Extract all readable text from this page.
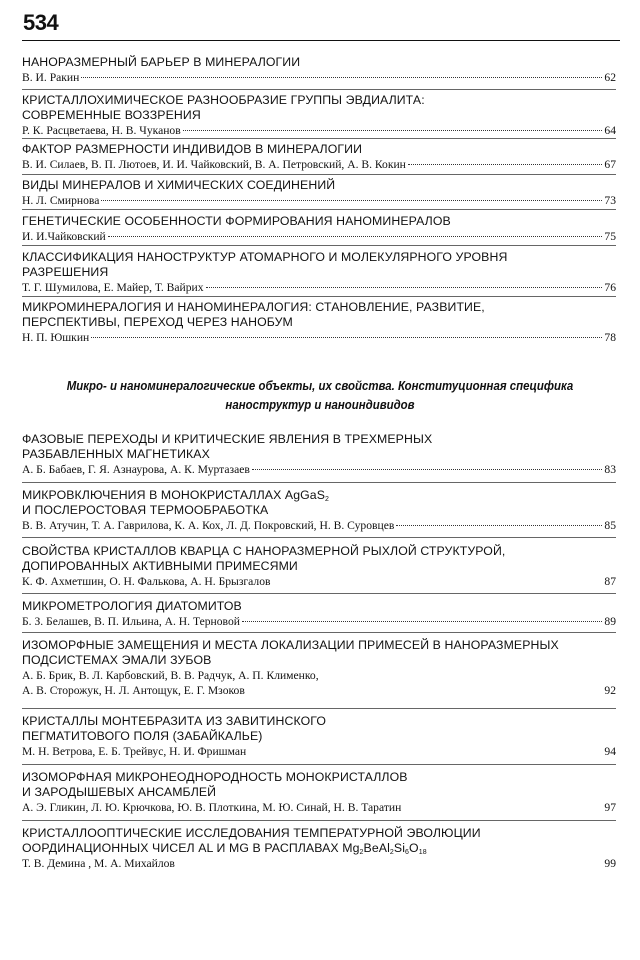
534
НАНОРАЗМЕРНЫЙ БАРЬЕР В МИНЕРАЛОГИИ
В. И. Ракин	62
КРИСТАЛЛОХИМИЧЕСКОЕ РАЗНООБРАЗИЕ ГРУППЫ ЭВДИАЛИТА:
СОВРЕМЕННЫЕ ВОЗЗРЕНИЯ
Р. К. Расцветаева, Н. В. Чуканов	64
ФАКТОР РАЗМЕРНОСТИ ИНДИВИДОВ В МИНЕРАЛОГИИ
В. И. Силаев, В. П. Лютоев, И. И. Чайковский, В. А. Петровский, А. В. Кокин	67
ВИДЫ МИНЕРАЛОВ И ХИМИЧЕСКИХ СОЕДИНЕНИЙ
Н. Л. Смирнова	73
ГЕНЕТИЧЕСКИЕ ОСОБЕННОСТИ ФОРМИРОВАНИЯ НАНОМИНЕРАЛОВ
И. И.Чайковский	75
КЛАССИФИКАЦИЯ НАНОСТРУКТУР АТОМАРНОГО И МОЛЕКУЛЯРНОГО УРОВНЯ
РАЗРЕШЕНИЯ
Т. Г. Шумилова, Е. Майер, Т. Вайрих	76
МИКРОМИНЕРАЛОГИЯ И НАНОМИНЕРАЛОГИЯ: СТАНОВЛЕНИЕ, РАЗВИТИЕ,
ПЕРСПЕКТИВЫ, ПЕРЕХОД ЧЕРЕЗ НАНОБУМ
Н. П. Юшкин	78
Микро- и наноминералогические объекты, их свойства. Конституционная специфика
наноструктур и наноиндивидов
ФАЗОВЫЕ ПЕРЕХОДЫ И КРИТИЧЕСКИЕ ЯВЛЕНИЯ В ТРЕХМЕРНЫХ
РАЗБАВЛЕННЫХ МАГНЕТИКАХ
А. Б. Бабаев, Г. Я. Азнаурова, А. К. Муртазаев	83
МИКРОВКЛЮЧЕНИЯ В МОНОКРИСТАЛЛАХ AgGaS$_2$
И ПОСЛЕРОСТОВАЯ ТЕРМООБРАБОТКА
В. В. Атучин, Т. А. Гаврилова, К. А. Кох, Л. Д. Покровский, Н. В. Суровцев	85
СВОЙСТВА КРИСТАЛЛОВ КВАРЦА С НАНОРАЗМЕРНОЙ РЫХЛОЙ СТРУКТУРОЙ,
ДОПИРОВАННЫХ АКТИВНЫМИ ПРИМЕСЯМИ
К. Ф. Ахметшин, О. Н. Фалькова, А. Н. Брызгалов	87
МИКРОМЕТРОЛОГИЯ ДИАТОМИТОВ
Б. З. Белашев, В. П. Ильина, А. Н. Терновой	89
ИЗОМОРФНЫЕ ЗАМЕЩЕНИЯ И МЕСТА ЛОКАЛИЗАЦИИ ПРИМЕСЕЙ В НАНОРАЗМЕРНЫХ
ПОДСИСТЕМАХ ЭМАЛИ ЗУБОВ
А. Б. Брик, В. Л. Карбовский, В. В. Радчук, А. П. Клименко,
А. В. Сторожук, Н. Л. Антощук, Е. Г. Мзоков	92
КРИСТАЛЛЫ МОНТЕБРАЗИТА ИЗ ЗАВИТИНСКОГО
ПЕГМАТИТОВОГО ПОЛЯ (ЗАБАЙКАЛЬЕ)
М. Н. Ветрова, Е. Б. Трейвус, Н. И. Фришман	94
ИЗОМОРФНАЯ МИКРОНЕОДНОРОДНОСТЬ МОНОКРИСТАЛЛОВ
И ЗАРОДЫШЕВЫХ АНСАМБЛЕЙ
А. Э. Гликин, Л. Ю. Крючкова, Ю. В. Плоткина, М. Ю. Синай, Н. В. Таратин	97
КРИСТАЛЛООПТИЧЕСКИЕ ИССЛЕДОВАНИЯ ТЕМПЕРАТУРНОЙ ЭВОЛЮЦИИ
ООРДИНАЦИОННЫХ ЧИСЕЛ AL И MG В РАСПЛАВАХ $Mg_2BeAl_2Si_6O_{18}$
Т. В. Демина , М. А. Михайлов	99
